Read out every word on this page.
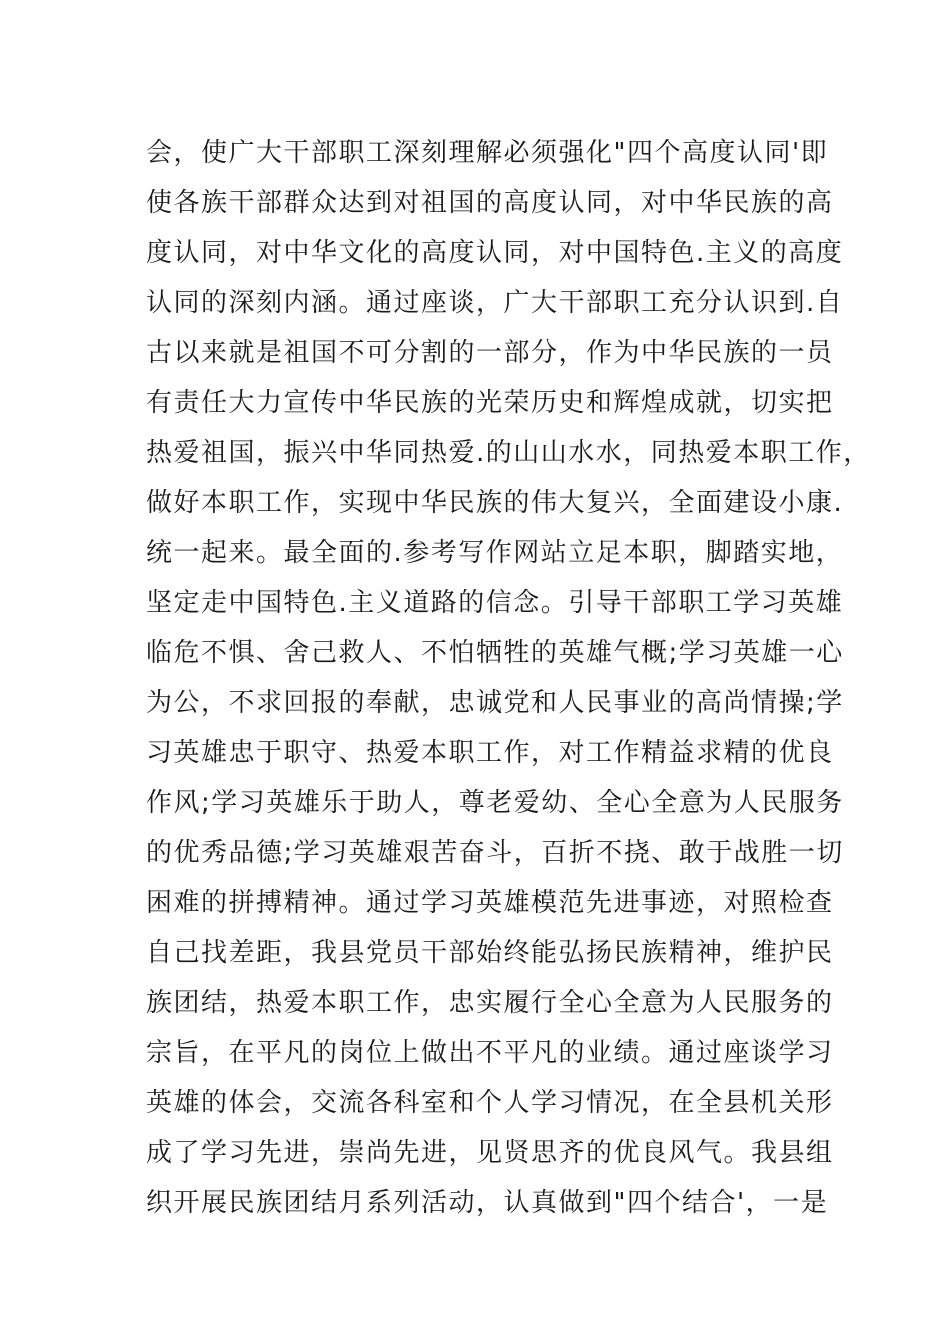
会，使广大干部职工深刻理解必须强化"四个高度认同'即
使各族干部群众达到对祖国的高度认同，对中华民族的高
度认同，对中华文化的高度认同，对中国特色.主义的高度
认同的深刻内涵。通过座谈，广大干部职工充分认识到.自
古以来就是祖国不可分割的一部分，作为中华民族的一员
有责任大力宣传中华民族的光荣历史和辉煌成就，切实把
热爱祖国，振兴中华同热爱.的山山水水，同热爱本职工作，
做好本职工作，实现中华民族的伟大复兴，全面建设小康.
统一起来。最全面的.参考写作网站立足本职，脚踏实地，
坚定走中国特色.主义道路的信念。引导干部职工学习英雄
临危不惧、舍己救人、不怕牺牲的英雄气概;学习英雄一心
为公，不求回报的奉献，忠诚党和人民事业的高尚情操;学
习英雄忠于职守、热爱本职工作，对工作精益求精的优良
作风;学习英雄乐于助人，尊老爱幼、全心全意为人民服务
的优秀品德;学习英雄艰苦奋斗，百折不挠、敢于战胜一切
困难的拼搏精神。通过学习英雄模范先进事迹，对照检查
自己找差距，我县党员干部始终能弘扬民族精神，维护民
族团结，热爱本职工作，忠实履行全心全意为人民服务的
宗旨，在平凡的岗位上做出不平凡的业绩。通过座谈学习
英雄的体会，交流各科室和个人学习情况，在全县机关形
成了学习先进，崇尚先进，见贤思齐的优良风气。我县组
织开展民族团结月系列活动，认真做到"四个结合'，一是
